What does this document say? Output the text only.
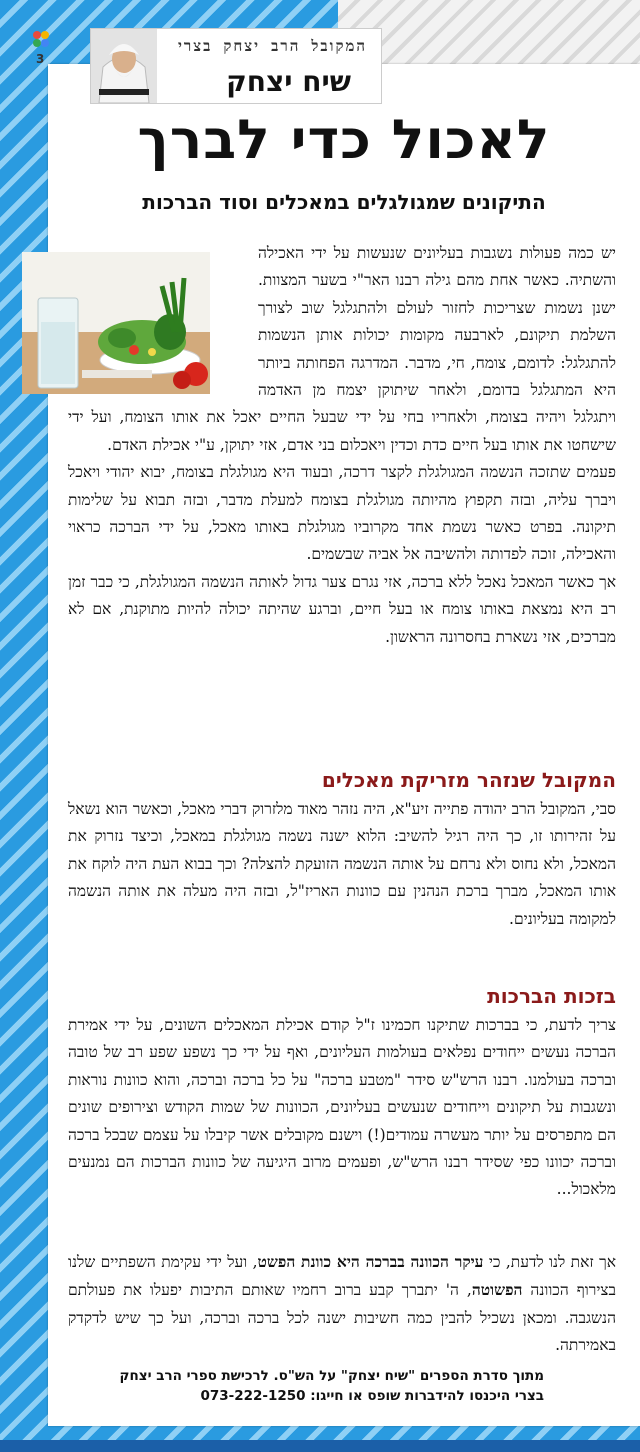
3
המקובל הרב יצחק בצרי
שיח יצחק
לאכול כדי לברך
התיקונים שמגולגלים במאכלים וסוד הברכות
יש כמה פעולות נשגבות בעליונים שנעשות על ידי האכילה והשתיה. כאשר אחת מהם גילה רבנו האר"י בשער המצוות. ישנן נשמות שצריכות לחזור לעולם ולהתגלגל שוב לצורך השלמת תיקונם, לארבעה מקומות יכולות אותן הנשמות להתגלגל: לדומם, צומח, חי, מדבר. המדרגה הפחותה ביותר היא המתגלגל בדומם, ולאחר שיתוקן יצמח מן האדמה ויתגלגל ויהיה בצומח, ולאחריו בחי על ידי שבעל החיים יאכל את אותו הצומח, ועל ידי שישחטו את אותו בעל חיים כדת וכדין ויאכלום בני אדם, אזי יתוקן, ע"י אכילת האדם.
פעמים שתזכה הנשמה המגולגלת לקצר דרכה, ובעוד היא מגולגלת בצומח, יבוא יהודי ויאכל ויברך עליה, ובזה תקפוץ מהיותה מגולגלת בצומח למעלת מדבר, ובזה תבוא על שלימות תיקונה. בפרט כאשר נשמת אחד מקרוביו מגולגלת באותו מאכל, על ידי הברכה כראוי והאכילה, זוכה לפדותה ולהשיבה אל אביה שבשמים.
אך כאשר המאכל נאכל ללא ברכה, אזי נגרם צער גדול לאותה הנשמה המגולגלת, כי כבר זמן רב היא נמצאת באותו צומח או בעל חיים, וברגע שהיתה יכולה להיות מתוקנת, אם לא מברכים, אזי נשארת בחסרונה הראשון.
המקובל שנזהר מזריקת מאכלים

סבי, המקובל הרב יהודה פתייה זיע"א, היה נזהר מאוד מלזרוק דברי מאכל, וכאשר הוא נשאל על זהירותו זו, כך היה רגיל להשיב: הלוא ישנה נשמה מגולגלת במאכל, וכיצד נזרוק את המאכל, ולא נחוס ולא נרחם על אותה הנשמה הזועקת להצלה? וכך בבוא העת היה לוקח את אותו המאכל, מברך ברכת הנהנין עם כוונות האריז"ל, ובזה היה מעלה את אותה הנשמה למקומה בעליונים.

בזכות הברכות

צריך לדעת, כי בברכות שתיקנו חכמינו ז"ל קודם אכילת המאכלים השונים, על ידי אמירת הברכה נעשים ייחודים נפלאים בעולמות העליונים, ואף על ידי כך נשפע שפע רב של טובה וברכה בעולמנו. רבנו הרש"ש סידר "מטבע ברכה" על כל ברכה וברכה, והוא כוונות נוראות ונשגבות על תיקונים וייחודים שנעשים בעליונים, הכוונות של שמות הקודש וצירופים שונים הם מתפרסים על יותר מעשרה עמודים(!) וישנם מקובלים אשר קיבלו על עצמם שבכל ברכה וברכה יכוונו כפי שסידר רבנו הרש"ש, ופעמים מרוב היגיעה של כוונות הברכות הם נמנעים מלאכול...

אך זאת לנו לדעת, כי עיקר הכוונה בברכה היא כוונת הפשט, ועל ידי עקימת השפתיים שלנו בצירוף הכוונה הפשוטה, ה' יתברך קבע ברוב רחמיו שאותם התיבות יפעלו את פעולתם הנשגבה. ומכאן נשכיל להבין כמה חשיבות ישנה לכל ברכה וברכה, ועל כך שיש לדקדק באמירתה.

מתוך סדרת הספרים "שיח יצחק" על הש"ס. לרכישת ספרי הרב יצחק
בצרי היכנסו להידברות שופס או חייגו: 073-222-1250
